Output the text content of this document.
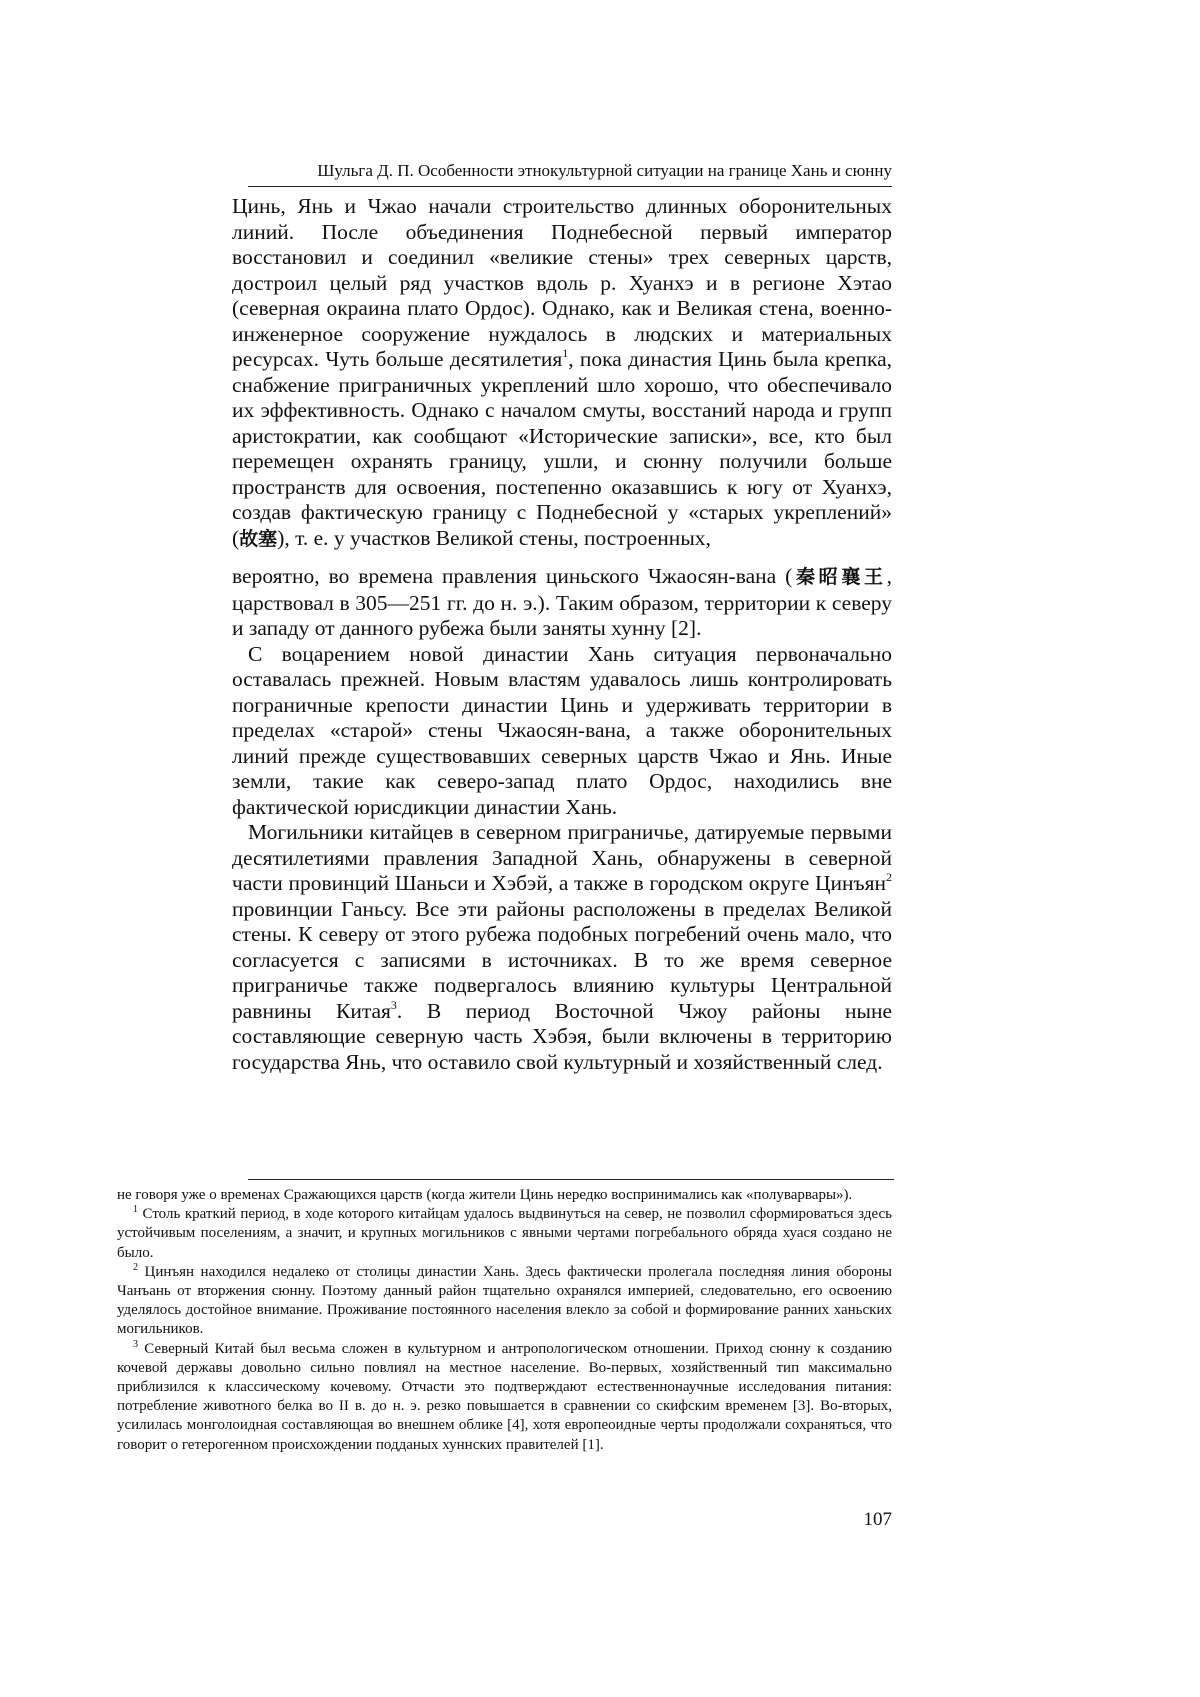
Шульга Д. П. Особенности этнокультурной ситуации на границе Хань и сюнну

Цинь, Янь и Чжао начали строительство длинных оборонительных линий. После объединения Поднебесной первый император восстановил и соединил «великие стены» трех северных царств, достроил целый ряд участков вдоль р. Хуанхэ и в регионе Хэтао (северная окраина плато Ордос). Однако, как и Великая стена, военно-инженерное сооружение нуждалось в людских и материальных ресурсах. Чуть больше десятилетия1, пока династия Цинь была крепка, снабжение приграничных укреплений шло хорошо, что обеспечивало их эффективность. Однако с началом смуты, восстаний народа и групп аристократии, как сообщают «Исторические записки», все, кто был перемещен охранять границу, ушли, и сюнну получили больше пространств для освоения, постепенно оказавшись к югу от Хуанхэ, создав фактическую границу с Поднебесной у «старых укреплений» (故塞), т. е. у участков Великой стены, построенных,

вероятно, во времена правления циньского Чжаосян-вана (秦昭襄王, царствовал в 305—251 гг. до н. э.). Таким образом, территории к северу и западу от данного рубежа были заняты хунну [2].

С воцарением новой династии Хань ситуация первоначально оставалась прежней. Новым властям удавалось лишь контролировать пограничные крепости династии Цинь и удерживать территории в пределах «старой» стены Чжаосян-вана, а также оборонительных линий прежде существовавших северных царств Чжао и Янь. Иные земли, такие как северо-запад плато Ордос, находились вне фактической юрисдикции династии Хань.

Могильники китайцев в северном приграничье, датируемые первыми десятилетиями правления Западной Хань, обнаружены в северной части провинций Шаньси и Хэбэй, а также в городском округе Цинъян2 провинции Ганьсу. Все эти районы расположены в пределах Великой стены. К северу от этого рубежа подобных погребений очень мало, что согласуется с записями в источниках. В то же время северное приграничье также подвергалось влиянию культуры Центральной равнины Китая3. В период Восточной Чжоу районы ныне составляющие северную часть Хэбэя, были включены в территорию государства Янь, что оставило свой культурный и хозяйственный след.

не говоря уже о временах Сражающихся царств (когда жители Цинь нередко воспринимались как «полуварвары»).

1 Столь краткий период, в ходе которого китайцам удалось выдвинуться на север, не позволил сформироваться здесь устойчивым поселениям, а значит, и крупных могильников с явными чертами погребального обряда хуася создано не было.

2 Цинъян находился недалеко от столицы династии Хань. Здесь фактически пролегала последняя линия обороны Чанъань от вторжения сюнну. Поэтому данный район тщательно охранялся империей, следовательно, его освоению уделялось достойное внимание. Проживание постоянного населения влекло за собой и формирование ранних ханьских могильников.

3 Северный Китай был весьма сложен в культурном и антропологическом отношении. Приход сюнну к созданию кочевой державы довольно сильно повлиял на местное население. Во-первых, хозяйственный тип максимально приблизился к классическому кочевому. Отчасти это подтверждают естественнонаучные исследования питания: потребление животного белка во II в. до н. э. резко повышается в сравнении со скифским временем [3]. Во-вторых, усилилась монголоидная составляющая во внешнем облике [4], хотя европеоидные черты продолжали сохраняться, что говорит о гетерогенном происхождении подданых хуннских правителей [1].

107
